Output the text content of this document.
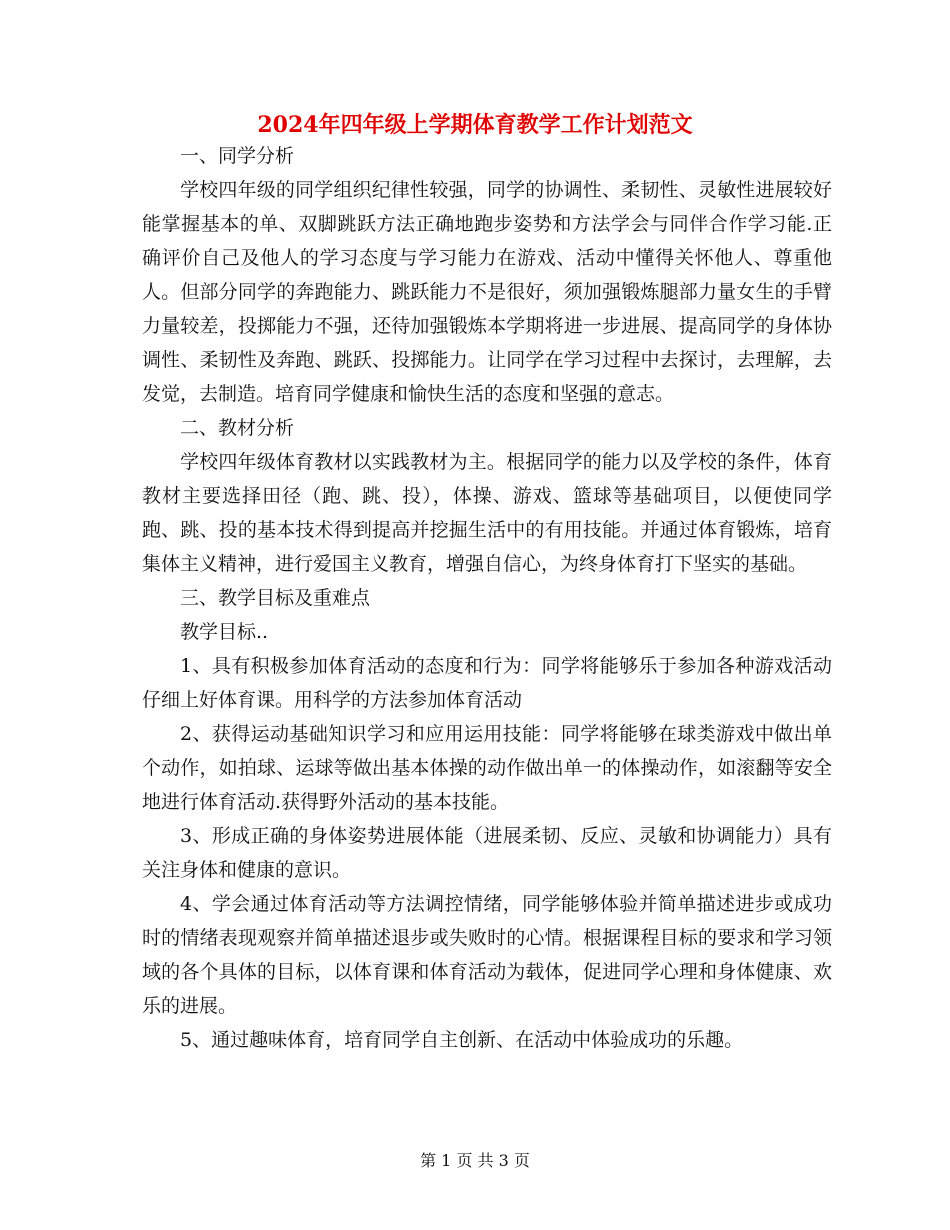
2024年四年级上学期体育教学工作计划范文

一、同学分析

学校四年级的同学组织纪律性较强，同学的协调性、柔韧性、灵敏性进展较好能掌握基本的单、双脚跳跃方法正确地跑步姿势和方法学会与同伴合作学习能.正确评价自己及他人的学习态度与学习能力在游戏、活动中懂得关怀他人、尊重他人。但部分同学的奔跑能力、跳跃能力不是很好，须加强锻炼腿部力量女生的手臂力量较差，投掷能力不强，还待加强锻炼本学期将进一步进展、提高同学的身体协调性、柔韧性及奔跑、跳跃、投掷能力。让同学在学习过程中去探讨，去理解，去发觉，去制造。培育同学健康和愉快生活的态度和坚强的意志。

二、教材分析

学校四年级体育教材以实践教材为主。根据同学的能力以及学校的条件，体育教材主要选择田径（跑、跳、投），体操、游戏、篮球等基础项目，以便使同学跑、跳、投的基本技术得到提高并挖掘生活中的有用技能。并通过体育锻炼，培育集体主义精神，进行爱国主义教育，增强自信心，为终身体育打下坚实的基础。

三、教学目标及重难点

教学目标..

1、具有积极参加体育活动的态度和行为：同学将能够乐于参加各种游戏活动仔细上好体育课。用科学的方法参加体育活动

2、获得运动基础知识学习和应用运用技能：同学将能够在球类游戏中做出单个动作，如拍球、运球等做出基本体操的动作做出单一的体操动作，如滚翻等安全地进行体育活动.获得野外活动的基本技能。

3、形成正确的身体姿势进展体能（进展柔韧、反应、灵敏和协调能力）具有关注身体和健康的意识。

4、学会通过体育活动等方法调控情绪，同学能够体验并简单描述进步或成功时的情绪表现观察并简单描述退步或失败时的心情。根据课程目标的要求和学习领域的各个具体的目标，以体育课和体育活动为载体，促进同学心理和身体健康、欢乐的进展。

5、通过趣味体育，培育同学自主创新、在活动中体验成功的乐趣。

第 1 页 共 3 页
